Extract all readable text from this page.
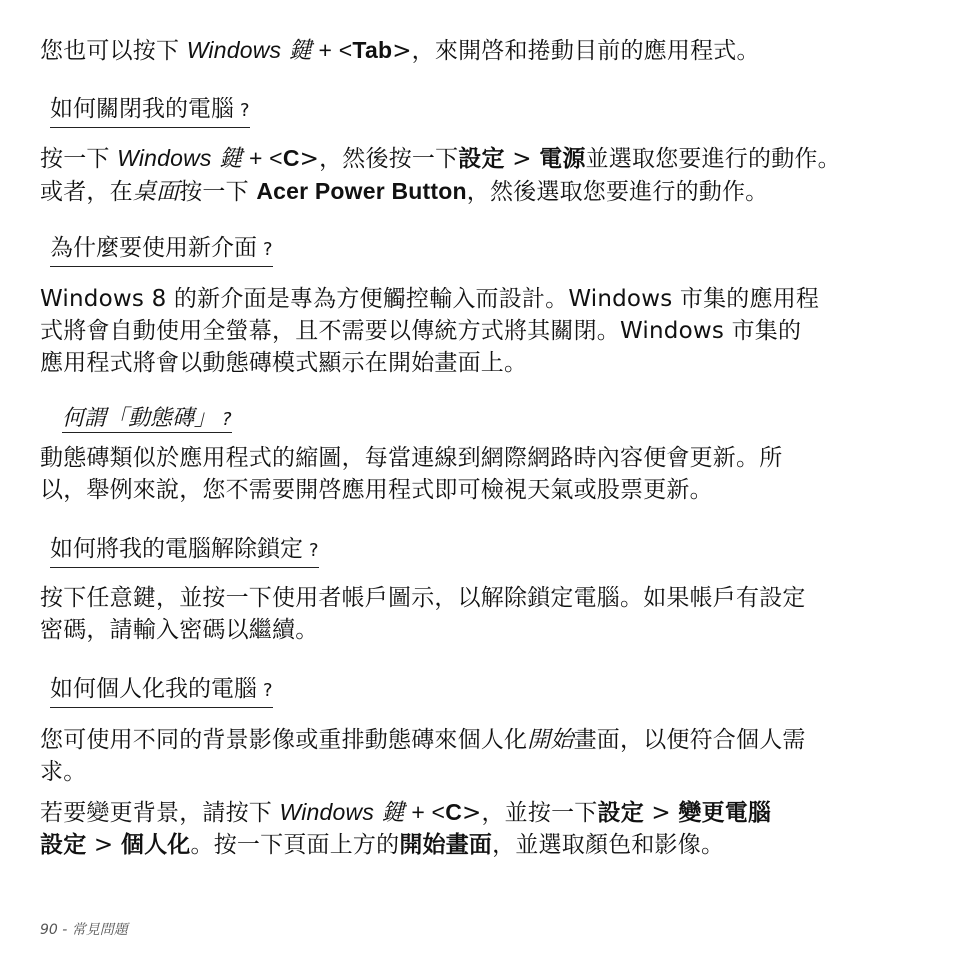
您也可以按下 Windows 鍵 + <Tab>，來開啓和捲動目前的應用程式。

如何關閉我的電腦 ?

按一下 Windows 鍵 + <C>，然後按一下設定 > 電源並選取您要進行的動作。
或者，在桌面按一下 Acer Power Button，然後選取您要進行的動作。

為什麼要使用新介面 ?

Windows 8 的新介面是專為方便觸控輸入而設計。Windows 市集的應用程
式將會自動使用全螢幕，且不需要以傳統方式將其關閉。Windows 市集的
應用程式將會以動態磚模式顯示在開始畫面上。

何謂「動態磚」 ?

動態磚類似於應用程式的縮圖，每當連線到網際網路時內容便會更新。所
以，舉例來說，您不需要開啓應用程式即可檢視天氣或股票更新。

如何將我的電腦解除鎖定 ?

按下任意鍵，並按一下使用者帳戶圖示，以解除鎖定電腦。如果帳戶有設定
密碼，請輸入密碼以繼續。

如何個人化我的電腦 ?

您可使用不同的背景影像或重排動態磚來個人化開始畫面，以便符合個人需
求。

若要變更背景，請按下 Windows 鍵 + <C>，並按一下設定 > 變更電腦
設定 > 個人化。按一下頁面上方的開始畫面，並選取顏色和影像。

90 - 常見問題
